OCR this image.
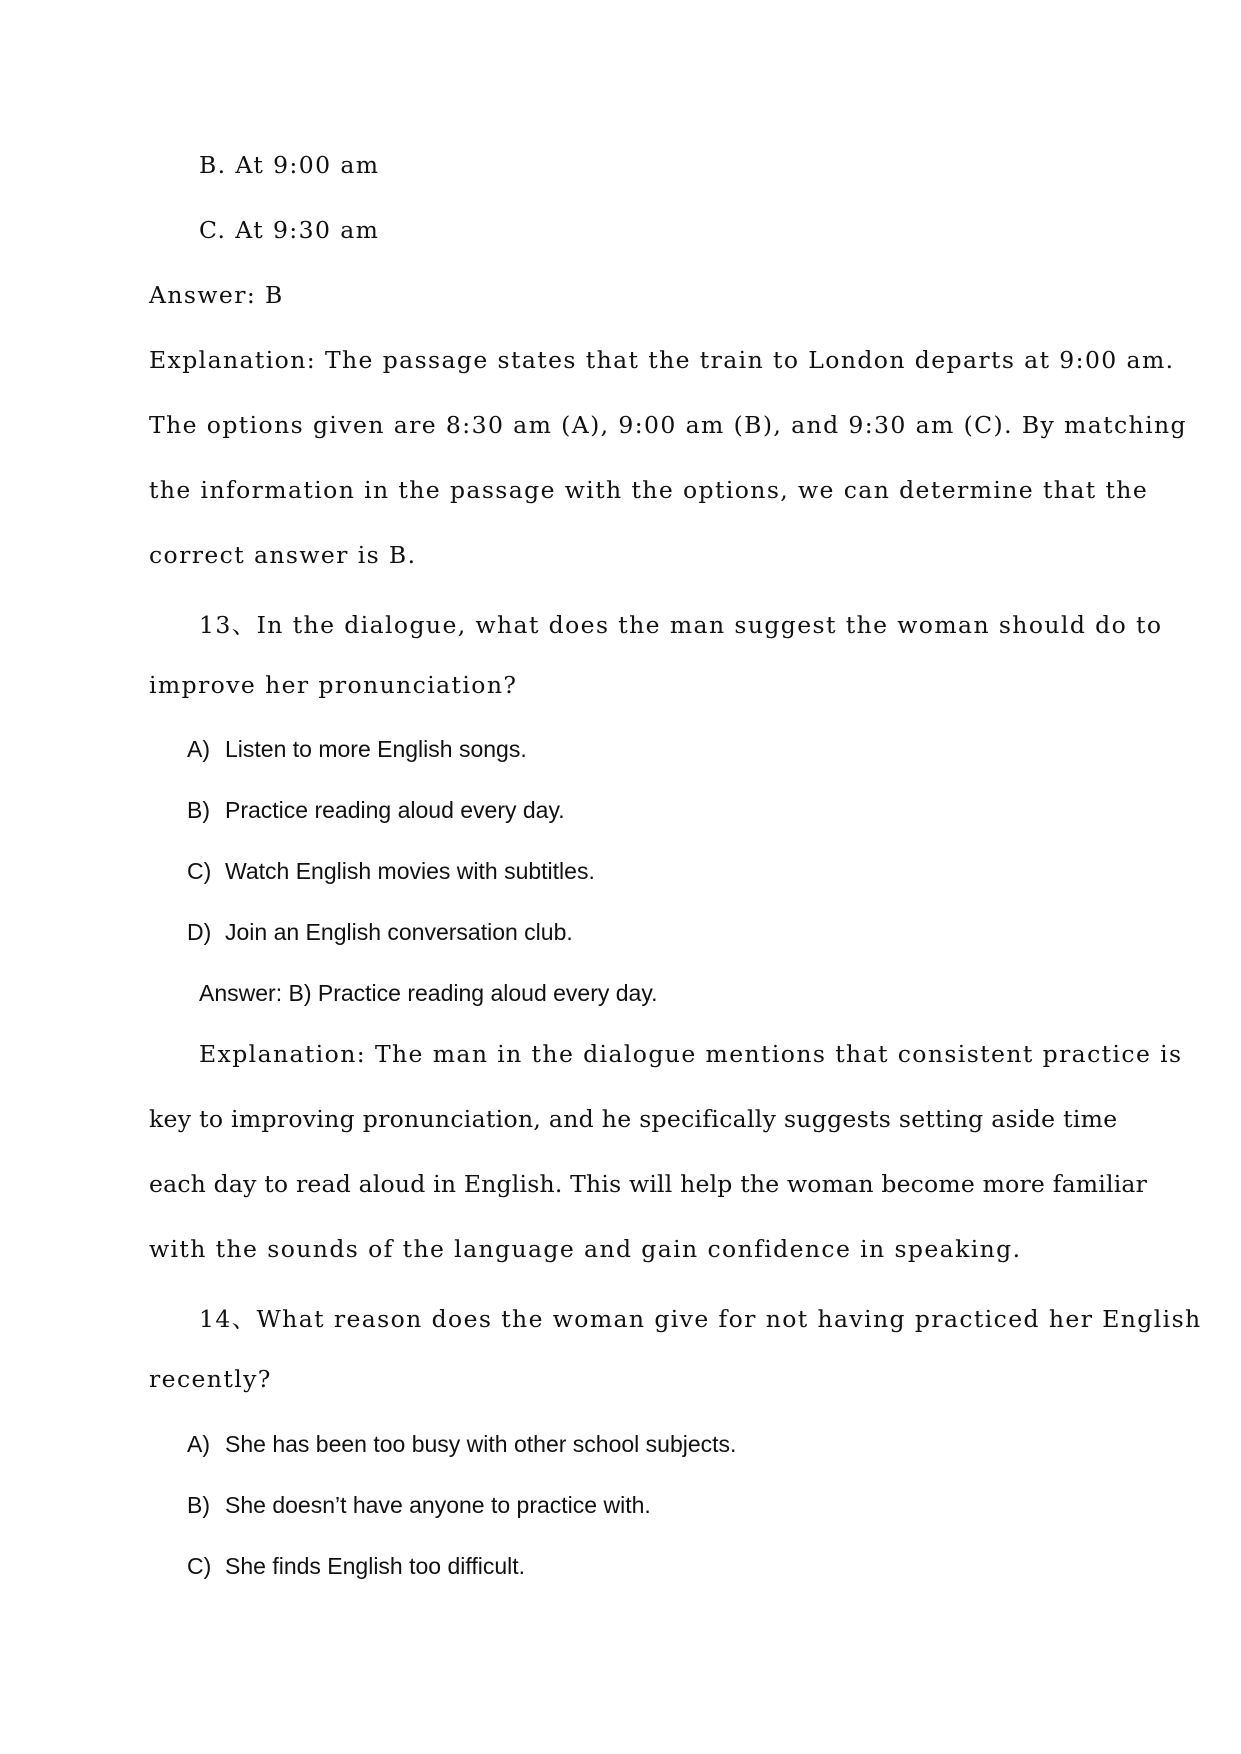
B. At 9:00 am

C. At 9:30 am

Answer: B

Explanation: The passage states that the train to London departs at 9:00 am.

The options given are 8:30 am (A), 9:00 am (B), and 9:30 am (C). By matching

the information in the passage with the options, we can determine that the

correct answer is B.

13、In the dialogue, what does the man suggest the woman should do to

improve her pronunciation?

A) Listen to more English songs.
B) Practice reading aloud every day.
C) Watch English movies with subtitles.
D) Join an English conversation club.

Answer: B) Practice reading aloud every day.

Explanation: The man in the dialogue mentions that consistent practice is

key to improving pronunciation, and he specifically suggests setting aside time

each day to read aloud in English. This will help the woman become more familiar

with the sounds of the language and gain confidence in speaking.

14、What reason does the woman give for not having practiced her English

recently?

A) She has been too busy with other school subjects.
B) She doesn’t have anyone to practice with.
C) She finds English too difficult.
